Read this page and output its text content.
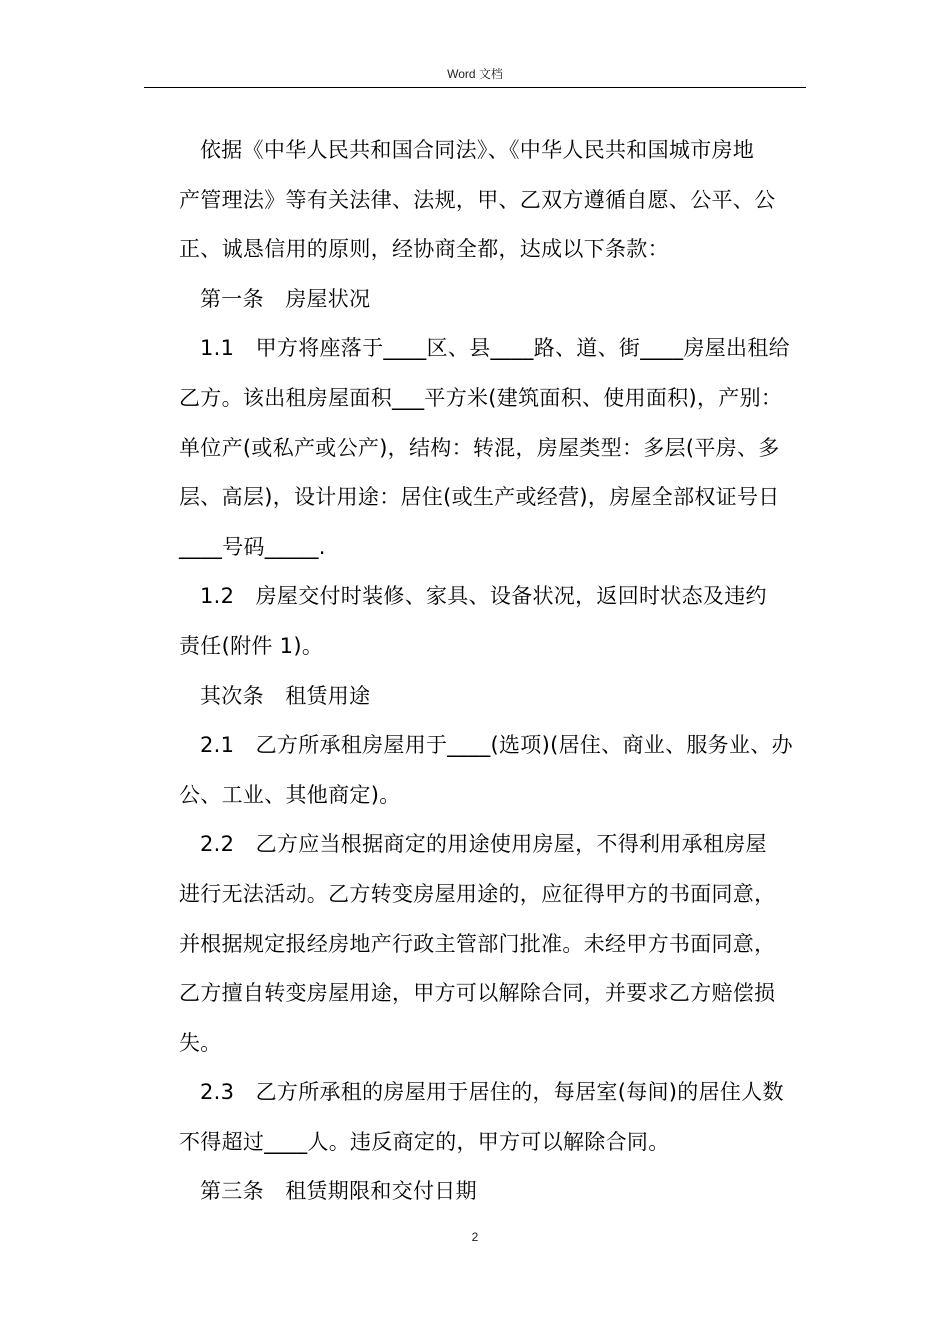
Word 文档
依据《中华人民共和国合同法》、《中华人民共和国城市房地
产管理法》等有关法律、法规，甲、乙双方遵循自愿、公平、公
正、诚恳信用的原则，经协商全都，达成以下条款：
第一条　房屋状况
1.1　甲方将座落于____区、县____路、道、街____房屋出租给
乙方。该出租房屋面积___平方米(建筑面积、使用面积)，产别：
单位产(或私产或公产)，结构：转混，房屋类型：多层(平房、多
层、高层)，设计用途：居住(或生产或经营)，房屋全部权证号日
____号码_____.
1.2　房屋交付时装修、家具、设备状况，返回时状态及违约
责任(附件 1)。
其次条　租赁用途
2.1　乙方所承租房屋用于____(选项)(居住、商业、服务业、办
公、工业、其他商定)。
2.2　乙方应当根据商定的用途使用房屋，不得利用承租房屋
进行无法活动。乙方转变房屋用途的，应征得甲方的书面同意，
并根据规定报经房地产行政主管部门批准。未经甲方书面同意，
乙方擅自转变房屋用途，甲方可以解除合同，并要求乙方赔偿损
失。
2.3　乙方所承租的房屋用于居住的，每居室(每间)的居住人数
不得超过____人。违反商定的，甲方可以解除合同。
第三条　租赁期限和交付日期
2
